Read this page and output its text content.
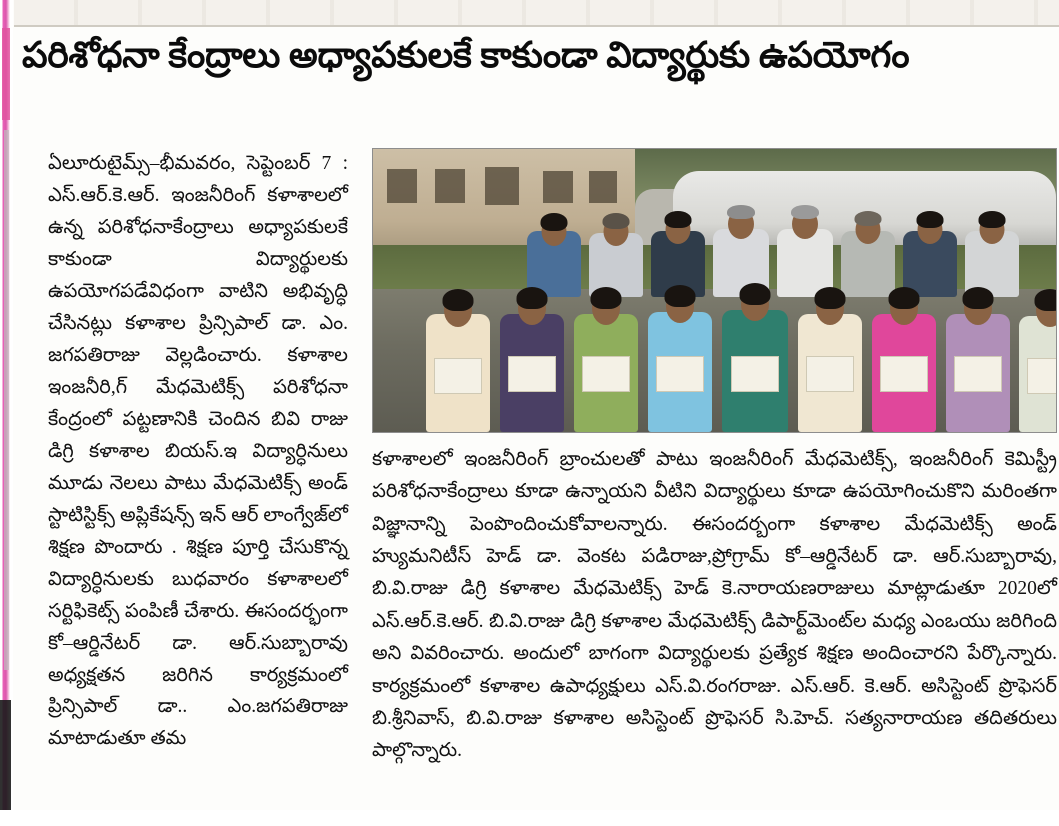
పరిశోధనా కేంద్రాలు అధ్యాపకులకే కాకుండా విద్యార్థుకు ఉపయోగం
ఏలూరుటైమ్స్–భీమవరం, సెప్టెంబర్ 7 : ఎస్.ఆర్.కె.ఆర్. ఇంజనీరింగ్ కళాశాలలో ఉన్న పరిశోధనాకేంద్రాలు అధ్యాపకులకే కాకుండా విద్యార్థులకు ఉపయోగపడేవిధంగా వాటిని అభివృద్ధి చేసినట్లు కళాశాల ప్రిన్సిపాల్ డా. ఎం. జగపతిరాజు వెల్లడించారు. కళాశాల ఇంజనీరి,గ్ మేధమెటిక్స్ పరిశోధనా కేంద్రంలో పట్టణానికి చెందిన బివి రాజు డిగ్రి కళాశాల బియస్.ఇ విద్యార్ధినులు మూడు నెలలు పాటు మేధమెటిక్స్ అండ్ స్టాటిస్టిక్స్ అప్లికేషన్స్ ఇన్ ఆర్ లాంగ్వేజ్‌లో శిక్షణ పొందారు . శిక్షణ పూర్తి చేసుకొన్న విద్యార్ధినులకు బుధవారం కళాశాలలో సర్టిఫికెట్స్ పంపిణీ చేశారు. ఈసందర్భంగా కో–ఆర్డినేటర్ డా. ఆర్.సుబ్బారావు అధ్యక్షతన జరిగిన కార్యక్రమంలో ప్రిన్సిపాల్ డా.. ఎం.జగపతిరాజు మాటాడుతూ తమ
కళాశాలలో ఇంజనీరింగ్ బ్రాంచులతో పాటు ఇంజనీరింగ్ మేధమెటిక్స్, ఇంజనీరింగ్ కెమిస్ట్రీ పరిశోధనాకేంద్రాలు కూడా ఉన్నాయని వీటిని విద్యార్థులు కూడా ఉపయోగించుకొని మరింతగా విజ్ఞానాన్ని పెంపొందించుకోవాలన్నారు. ఈసందర్బంగా కళాశాల మేధమెటిక్స్ అండ్ హ్యుమనిటీస్ హెడ్ డా. వెంకట పడిరాజు,ప్రోగ్రామ్ కో–ఆర్డినేటర్ డా. ఆర్.సుబ్బారావు, బి.వి.రాజు డిగ్రి కళాశాల మేధమెటిక్స్ హెడ్ కె.నారాయణరాజులు మాట్లాడుతూ 2020లో ఎస్.ఆర్.కె.ఆర్. బి.వి.రాజు డిగ్రి కళాశాల మేధమెటిక్స్ డిపార్ట్‌మెంట్‌ల మధ్య ఎంఒయు జరిగింది అని వివరించారు. అందులో బాగంగా విద్యార్థులకు ప్రత్యేక శిక్షణ అందించారని పేర్కొన్నారు. కార్యక్రమంలో కళాశాల ఉపాధ్యక్షులు ఎస్.వి.రంగరాజు. ఎస్.ఆర్. కె.ఆర్. అసిస్టెంట్ ప్రొఫెసర్ బి.శ్రీనివాస్, బి.వి.రాజు కళాశాల అసిస్టెంట్ ప్రొఫెసర్ సి.హెచ్. సత్యనారాయణ తదితరులు పాల్గొన్నారు.
